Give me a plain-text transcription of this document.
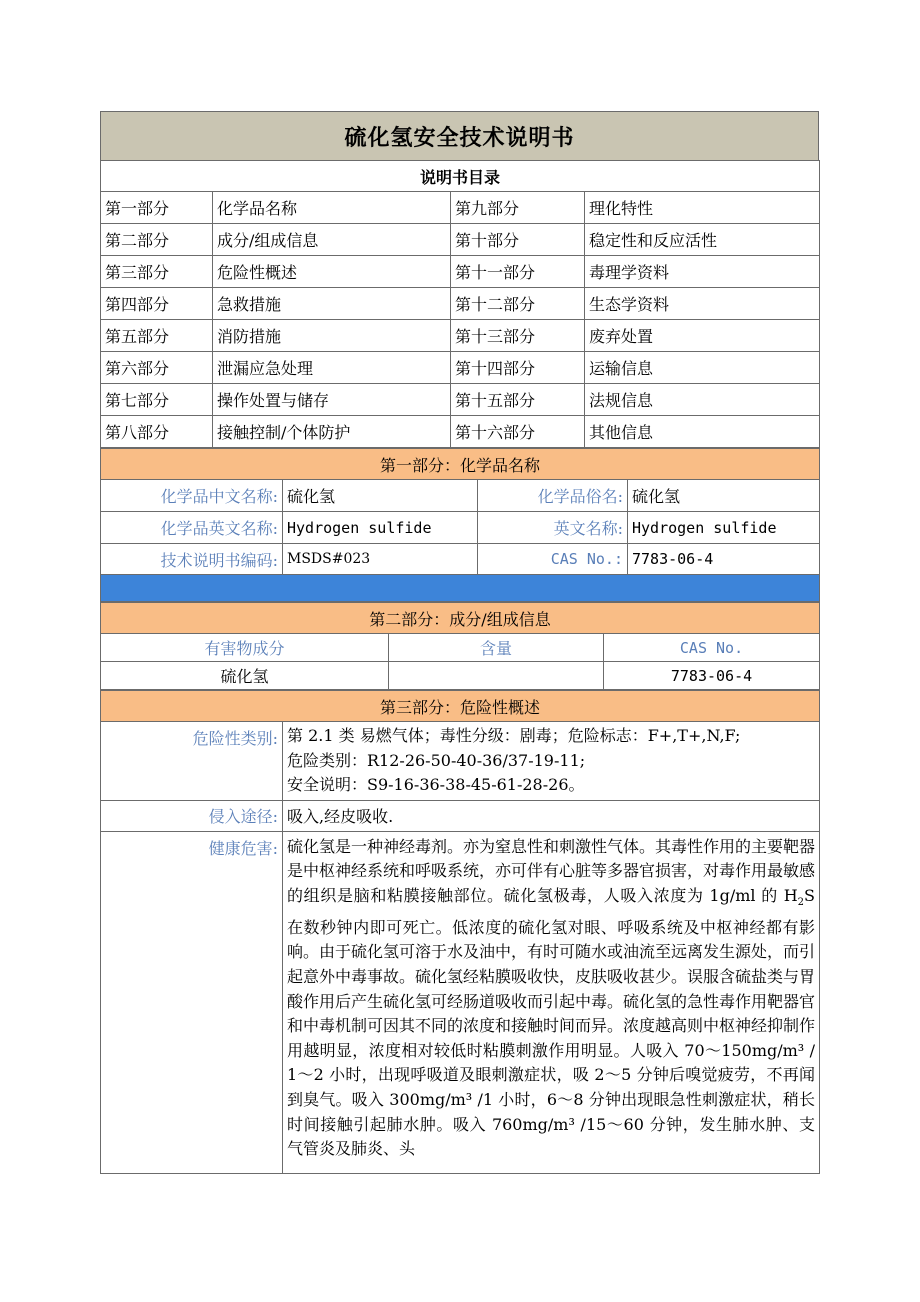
硫化氢安全技术说明书
说明书目录			
第一部分	化学品名称	第九部分	理化特性
第二部分	成分/组成信息	第十部分	稳定性和反应活性
第三部分	危险性概述	第十一部分	毒理学资料
第四部分	急救措施	第十二部分	生态学资料
第五部分	消防措施	第十三部分	废弃处置
第六部分	泄漏应急处理	第十四部分	运输信息
第七部分	操作处置与储存	第十五部分	法规信息
第八部分	接触控制/个体防护	第十六部分	其他信息
第一部分：化学品名称			
化学品中文名称:	硫化氢	化学品俗名:	硫化氢
化学品英文名称:	Hydrogen sulfide	英文名称:	Hydrogen sulfide
技术说明书编码:	MSDS#023	CAS No.:	7783-06-4

第二部分：成分/组成信息		
有害物成分	含量	CAS No.
硫化氢		7783-06-4
第三部分：危险性概述	
危险性类别:	第 2.1 类 易燃气体；毒性分级：剧毒；危险标志：F+,T+,N,F;
危险类别：R12-26-50-40-36/37-19-11;
安全说明：S9-16-36-38-45-61-28-26。

侵入途径:	吸入,经皮吸收.
健康危害:	硫化氢是一种神经毒剂。亦为窒息性和刺激性气体。其毒性作用的主要靶器是中枢神经系统和呼吸系统，亦可伴有心脏等多器官损害，对毒作用最敏感的组织是脑和粘膜接触部位。硫化氢极毒，人吸入浓度为 1g/ml 的 $H_2S$ 在数秒钟内即可死亡。低浓度的硫化氢对眼、呼吸系统及中枢神经都有影响。由于硫化氢可溶于水及油中，有时可随水或油流至远离发生源处，而引起意外中毒事故。硫化氢经粘膜吸收快，皮肤吸收甚少。误服含硫盐类与胃酸作用后产生硫化氢可经肠道吸收而引起中毒。硫化氢的急性毒作用靶器官和中毒机制可因其不同的浓度和接触时间而异。浓度越高则中枢神经抑制作用越明显，浓度相对较低时粘膜刺激作用明显。人吸入 70～150mg/m³ /1～2 小时，出现呼吸道及眼刺激症状，吸 2～5 分钟后嗅觉疲劳，不再闻到臭气。吸入 300mg/m³ /1 小时，6～8 分钟出现眼急性刺激症状，稍长时间接触引起肺水肿。吸入 760mg/m³ /15～60 分钟，发生肺水肿、支气管炎及肺炎、头
